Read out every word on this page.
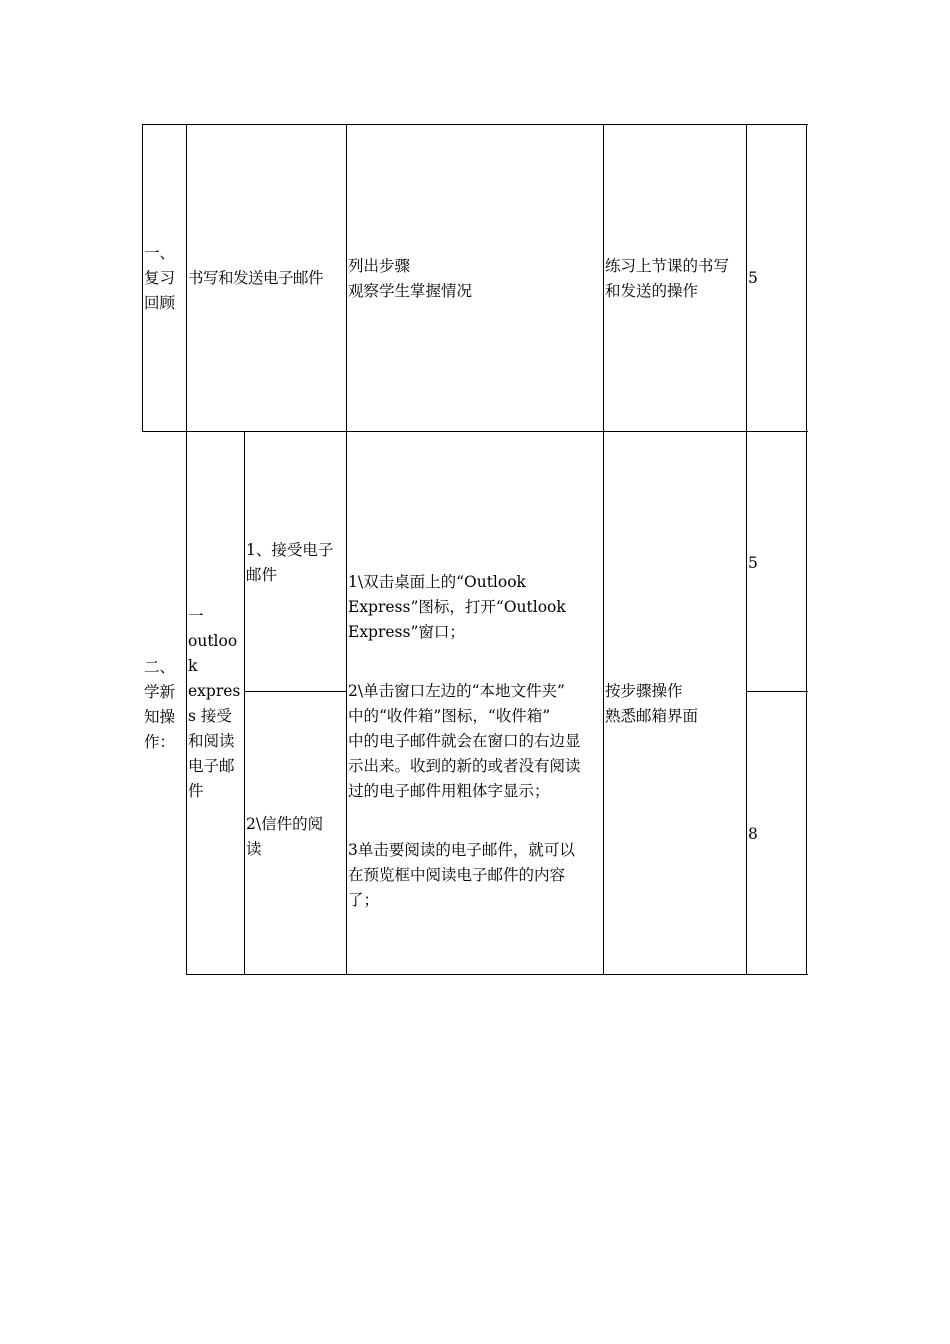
一、
复习
回顾
书写和发送电子邮件
列出步骤
观察学生掌握情况
练习上节课的书写
和发送的操作
5
二、
学新
知操
作：
一
outloo
k
expres
s 接受
和阅读
电子邮
件
1、接受电子
邮件
2\信件的阅
读

1\双击桌面上的“Outlook
Express”图标，打开“Outlook
Express”窗口；

2\单击窗口左边的“本地文件夹”
中的“收件箱”图标，“收件箱”
中的电子邮件就会在窗口的右边显
示出来。收到的新的或者没有阅读
过的电子邮件用粗体字显示；

3单击要阅读的电子邮件，就可以
在预览框中阅读电子邮件的内容
了；

按步骤操作
熟悉邮箱界面
5
8
